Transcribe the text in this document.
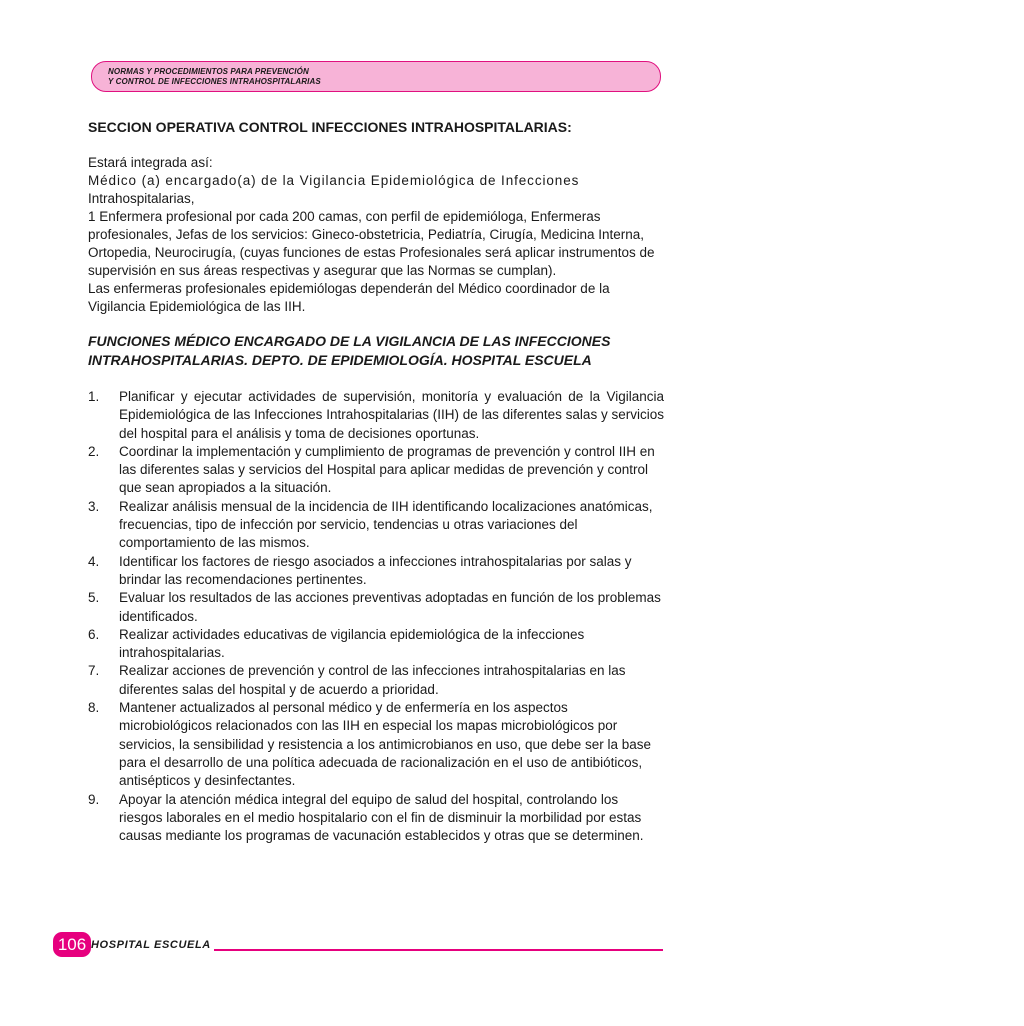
NORMAS Y PROCEDIMIENTOS PARA PREVENCIÓN
Y CONTROL DE INFECCIONES INTRAHOSPITALARIAS
SECCION OPERATIVA CONTROL INFECCIONES INTRAHOSPITALARIAS:

Estará integrada así:

Médico (a) encargado(a) de la Vigilancia Epidemiológica de Infecciones

Intrahospitalarias,

1 Enfermera profesional por cada 200 camas, con perfil de epidemióloga, Enfermeras profesionales, Jefas de los servicios: Gineco-obstetricia, Pediatría, Cirugía, Medicina Interna, Ortopedia, Neurocirugía, (cuyas funciones de estas Profesionales será aplicar instrumentos de supervisión en sus áreas respectivas y asegurar que las Normas se cumplan).

Las enfermeras profesionales epidemiólogas dependerán del Médico coordinador de la Vigilancia Epidemiológica de las IIH.

FUNCIONES MÉDICO ENCARGADO DE LA VIGILANCIA DE LAS INFECCIONES INTRAHOSPITALARIAS. DEPTO. DE EPIDEMIOLOGÍA. HOSPITAL ESCUELA
1. Planificar y ejecutar actividades de supervisión, monitoría y evaluación de la Vigilancia Epidemiológica de las Infecciones Intrahospitalarias (IIH) de las diferentes salas y servicios del hospital para el análisis y toma de decisiones oportunas.
2. Coordinar la implementación y cumplimiento de programas de prevención y control IIH en las diferentes salas y servicios del Hospital para aplicar medidas de prevención y control que sean apropiados a la situación.
3. Realizar análisis mensual de la incidencia de IIH identificando localizaciones anatómicas, frecuencias, tipo de infección por servicio, tendencias u otras variaciones del comportamiento de las mismos.
4. Identificar los factores de riesgo asociados a infecciones intrahospitalarias por salas y brindar las recomendaciones pertinentes.
5. Evaluar los resultados de las acciones preventivas adoptadas en función de los problemas identificados.
6. Realizar actividades educativas de vigilancia epidemiológica de la infecciones intrahospitalarias.
7. Realizar acciones de prevención y control de las infecciones intrahospitalarias en las diferentes salas del hospital y de acuerdo a prioridad.
8. Mantener actualizados al personal médico y de enfermería en los aspectos microbiológicos relacionados con las IIH en especial los mapas microbiológicos por servicios, la sensibilidad y resistencia a los antimicrobianos en uso, que debe ser la base para el desarrollo de una política adecuada de racionalización en el uso de antibióticos, antisépticos y desinfectantes.
9. Apoyar la atención médica integral del equipo de salud del hospital, controlando los riesgos laborales en el medio hospitalario con el fin de disminuir la morbilidad por estas causas mediante los programas de vacunación establecidos y otras que se determinen.
106 HOSPITAL ESCUELA
